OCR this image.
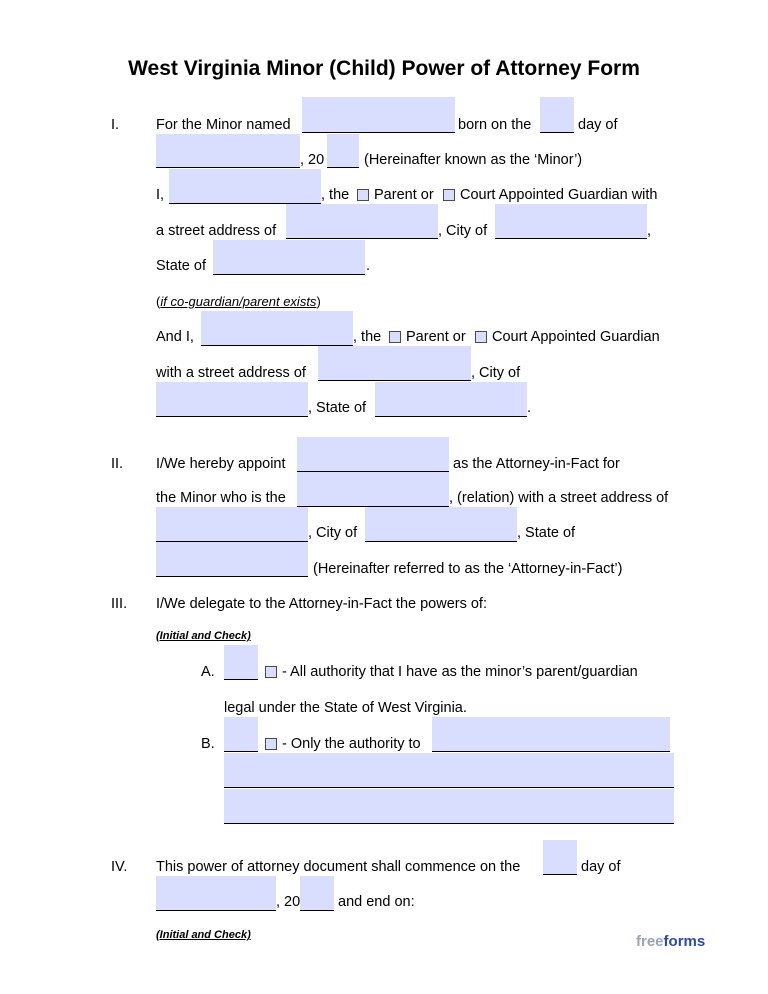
West Virginia Minor (Child) Power of Attorney Form
I.	For the Minor named	born on the	day of
, 20	(Hereinafter known as the ‘Minor’)
I,	, the Parent or Court Appointed Guardian with
a street address of	, City of	,
State of	.
(if co-guardian/parent exists)
And I,	, the Parent or Court Appointed Guardian
with a street address of	, City of
, State of	.
II. I/We hereby appoint	as the Attorney-in-Fact for
the Minor who is the	, (relation) with a street address of
, City of	, State of
(Hereinafter referred to as the ‘Attorney-in-Fact’)
III. I/We delegate to the Attorney-in-Fact the powers of:
(Initial and Check)
A.	- All authority that I have as the minor’s parent/guardian
legal under the State of West Virginia.
B.	- Only the authority to
IV. This power of attorney document shall commence on the	day of
, 20	and end on:
(Initial and Check)	freeforms
